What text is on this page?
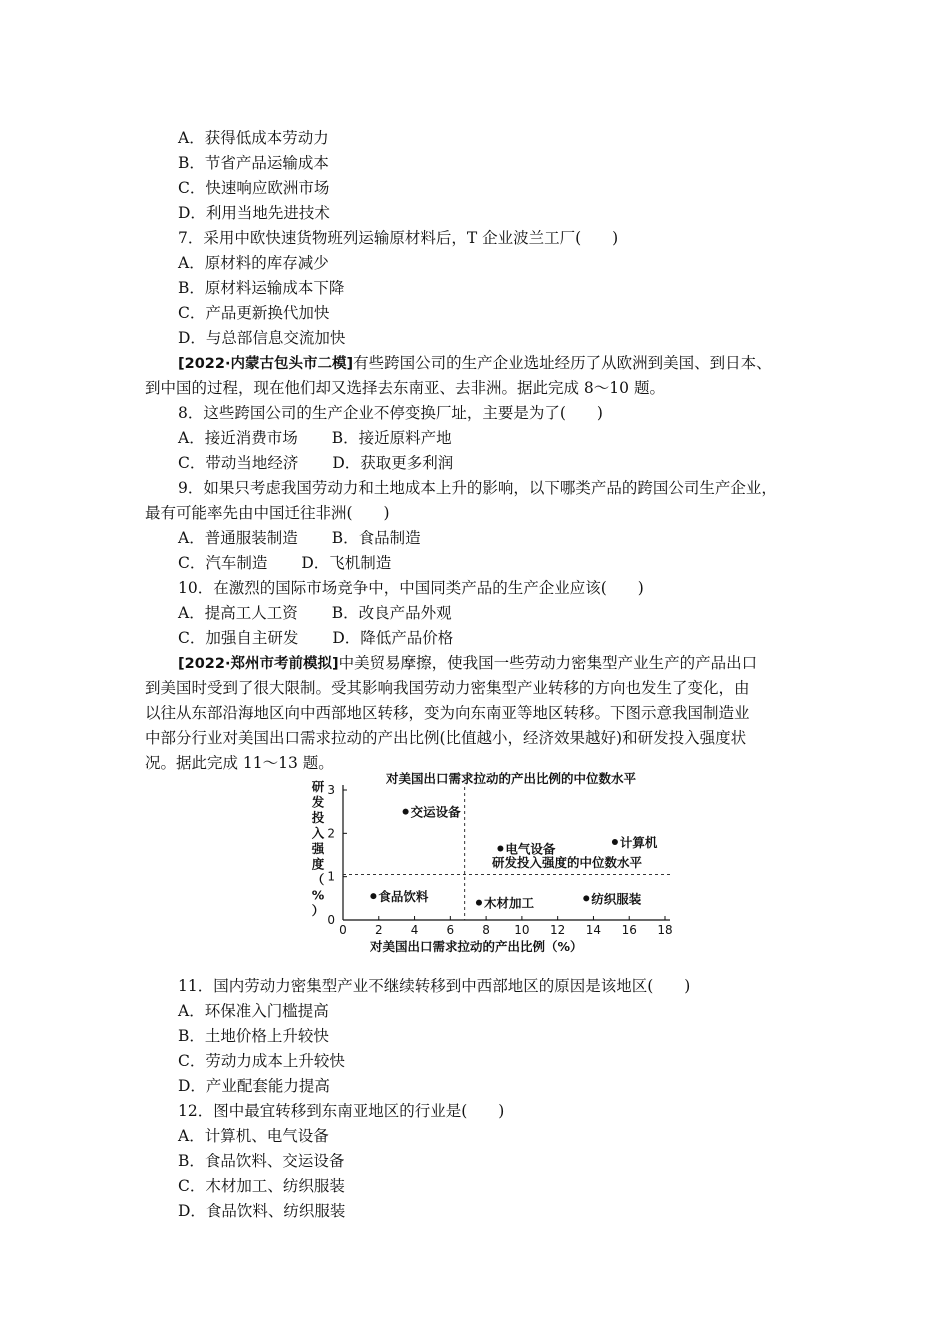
A．获得低成本劳动力
B．节省产品运输成本
C．快速响应欧洲市场
D．利用当地先进技术
7．采用中欧快速货物班列运输原材料后，T 企业波兰工厂(　　)
A．原材料的库存减少
B．原材料运输成本下降
C．产品更新换代加快
D．与总部信息交流加快
[2022·内蒙古包头市二模]有些跨国公司的生产企业选址经历了从欧洲到美国、到日本、
到中国的过程，现在他们却又选择去东南亚、去非洲。据此完成 8～10 题。
8．这些跨国公司的生产企业不停变换厂址，主要是为了(　　)
A．接近消费市场 B．接近原料产地
C．带动当地经济 D．获取更多利润
9．如果只考虑我国劳动力和土地成本上升的影响，以下哪类产品的跨国公司生产企业，
最有可能率先由中国迁往非洲(　　)
A．普通服装制造 B．食品制造
C．汽车制造 D．飞机制造
10．在激烈的国际市场竞争中，中国同类产品的生产企业应该(　　)
A．提高工人工资 B．改良产品外观
C．加强自主研发 D．降低产品价格
[2022·郑州市考前模拟]中美贸易摩擦，使我国一些劳动力密集型产业生产的产品出口
到美国时受到了很大限制。受其影响我国劳动力密集型产业转移的方向也发生了变化，由
以往从东部沿海地区向中西部地区转移，变为向东南亚等地区转移。下图示意我国制造业
中部分行业对美国出口需求拉动的产出比例(比值越小，经济效果越好)和研发投入强度状
况。据此完成 11～13 题。
对美国出口需求拉动的产出比例的中位数水平
对美国出口需求拉动的产出比例（%）
研发投入强度的中位数水平
研
发
投
入
强
度
（
%
）
0 2 4 6 8 10 12 14 16 18
0
1
2
3
交运设备
电气设备	计算机
食品饮料	木材加工	纺织服装
11．国内劳动力密集型产业不继续转移到中西部地区的原因是该地区(　　)
A．环保准入门槛提高
B．土地价格上升较快
C．劳动力成本上升较快
D．产业配套能力提高
12．图中最宜转移到东南亚地区的行业是(　　)
A．计算机、电气设备
B．食品饮料、交运设备
C．木材加工、纺织服装
D．食品饮料、纺织服装
